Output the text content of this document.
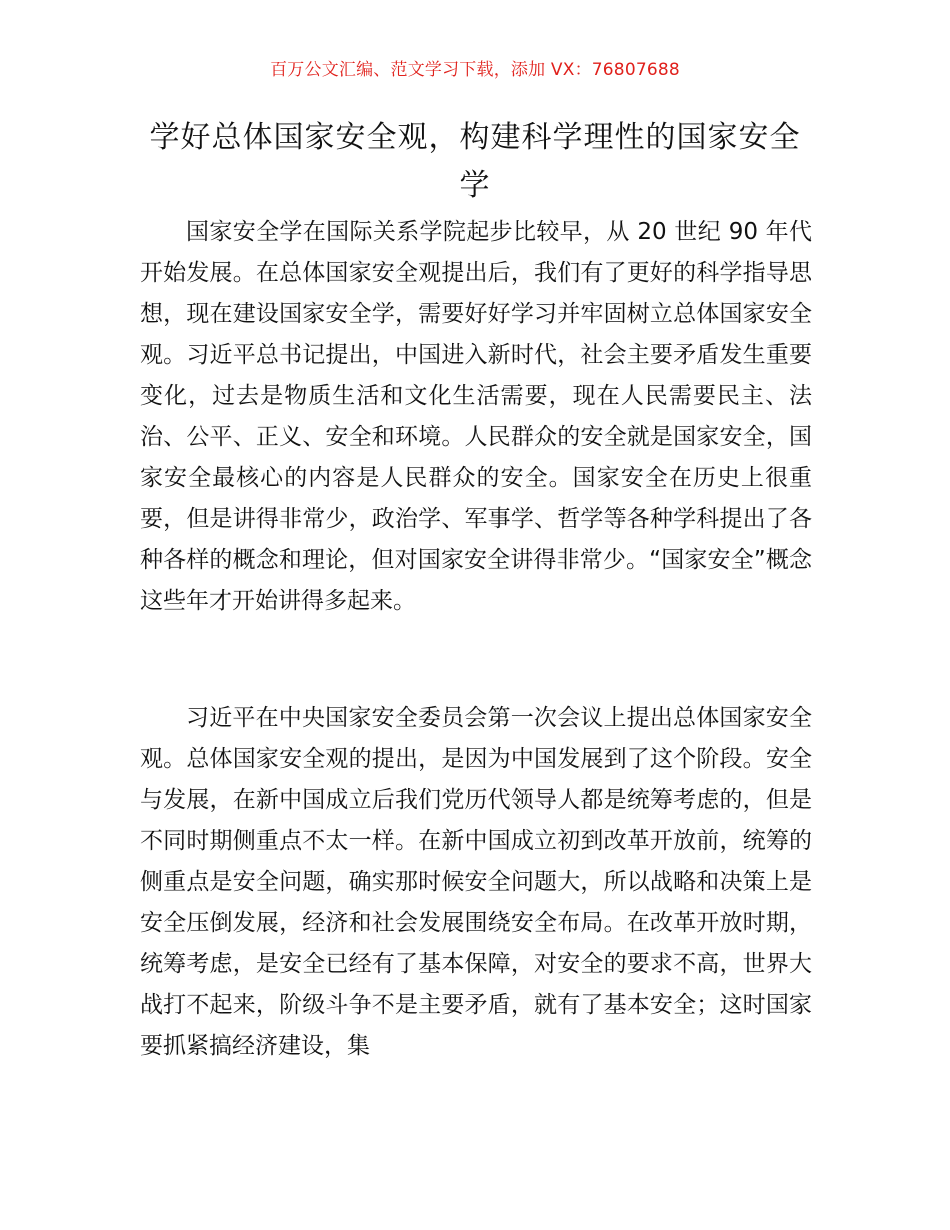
百万公文汇编、范文学习下载，添加 VX：76807688
学好总体国家安全观，构建科学理性的国家安全学

国家安全学在国际关系学院起步比较早，从 20 世纪 90 年代开始发展。在总体国家安全观提出后，我们有了更好的科学指导思想，现在建设国家安全学，需要好好学习并牢固树立总体国家安全观。习近平总书记提出，中国进入新时代，社会主要矛盾发生重要变化，过去是物质生活和文化生活需要，现在人民需要民主、法治、公平、正义、安全和环境。人民群众的安全就是国家安全，国家安全最核心的内容是人民群众的安全。国家安全在历史上很重要，但是讲得非常少，政治学、军事学、哲学等各种学科提出了各种各样的概念和理论，但对国家安全讲得非常少。“国家安全”概念这些年才开始讲得多起来。

习近平在中央国家安全委员会第一次会议上提出总体国家安全观。总体国家安全观的提出，是因为中国发展到了这个阶段。安全与发展，在新中国成立后我们党历代领导人都是统筹考虑的，但是不同时期侧重点不太一样。在新中国成立初到改革开放前，统筹的侧重点是安全问题，确实那时候安全问题大，所以战略和决策上是安全压倒发展，经济和社会发展围绕安全布局。在改革开放时期，统筹考虑，是安全已经有了基本保障，对安全的要求不高，世界大战打不起来，阶级斗争不是主要矛盾，就有了基本安全；这时国家要抓紧搞经济建设，集
